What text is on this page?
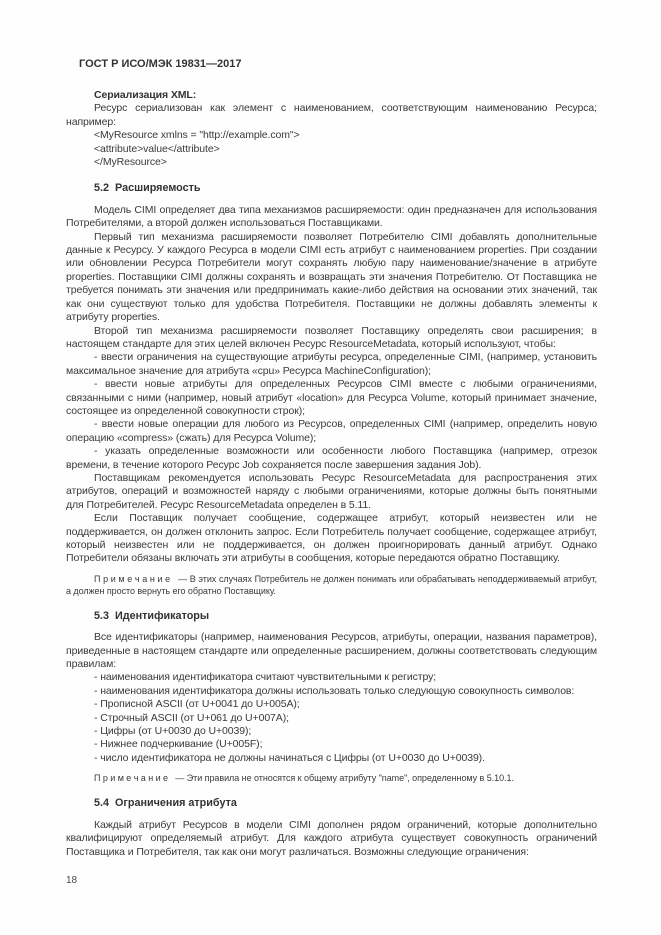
ГОСТ Р ИСО/МЭК 19831—2017

Сериализация XML:

Ресурс сериализован как элемент с наименованием, соответствующим наименованию Ресурса; например:

<MyResource xmlns = "http://example.com">

<attribute>value</attribute>

</MyResource>

5.2  Расширяемость

Модель CIMI определяет два типа механизмов расширяемости: один предназначен для использования Потребителями, а второй должен использоваться Поставщиками.

Первый тип механизма расширяемости позволяет Потребителю CIMI добавлять дополнительные данные к Ресурсу. У каждого Ресурса в модели CIMI есть атрибут с наименованием properties. При создании или обновлении Ресурса Потребители могут сохранять любую пару наименование/значение в атрибуте properties. Поставщики CIMI должны сохранять и возвращать эти значения Потребителю. От Поставщика не требуется понимать эти значения или предпринимать какие-либо действия на основании этих значений, так как они существуют только для удобства Потребителя. Поставщики не должны добавлять элементы к атрибуту properties.

Второй тип механизма расширяемости позволяет Поставщику определять свои расширения; в настоящем стандарте для этих целей включен Ресурс ResourceMetadata, который используют, чтобы:

- ввести ограничения на существующие атрибуты ресурса, определенные CIMI, (например, установить максимальное значение для атрибута «cpu» Ресурса MachineConfiguration);

- ввести новые атрибуты для определенных Ресурсов CIMI вместе с любыми ограничениями, связанными с ними (например, новый атрибут «location» для Ресурса Volume, который принимает значение, состоящее из определенной совокупности строк);

- ввести новые операции для любого из Ресурсов, определенных CIMI (например, определить новую операцию «compress» (сжать) для Ресурса Volume);

- указать определенные возможности или особенности любого Поставщика (например, отрезок времени, в течение которого Ресурс Job сохраняется после завершения задания Job).

Поставщикам рекомендуется использовать Ресурс ResourceMetadata для распространения этих атрибутов, операций и возможностей наряду с любыми ограничениями, которые должны быть понятными для Потребителей. Ресурс ResourceMetadata определен в 5.11.

Если Поставщик получает сообщение, содержащее атрибут, который неизвестен или не поддерживается, он должен отклонить запрос. Если Потребитель получает сообщение, содержащее атрибут, который неизвестен или не поддерживается, он должен проигнорировать данный атрибут. Однако Потребители обязаны включать эти атрибуты в сообщения, которые передаются обратно Поставщику.

П р и м е ч а н и е   — В этих случаях Потребитель не должен понимать или обрабатывать неподдерживаемый атрибут, а должен просто вернуть его обратно Поставщику.

5.3  Идентификаторы

Все идентификаторы (например, наименования Ресурсов, атрибуты, операции, названия параметров), приведенные в настоящем стандарте или определенные расширением, должны соответствовать следующим правилам:

- наименования идентификатора считают чувствительными к регистру;

- наименования идентификатора должны использовать только следующую совокупность символов:

- Прописной ASCII (от U+0041 до U+005A);

- Строчный ASCII (от U+061 до U+007A);

- Цифры (от U+0030 до U+0039);

- Нижнее подчеркивание (U+005F);

- число идентификатора не должны начинаться с Цифры (от U+0030 до U+0039).

П р и м е ч а н и е   — Эти правила не относятся к общему атрибуту "name", определенному в 5.10.1.

5.4  Ограничения атрибута

Каждый атрибут Ресурсов в модели CIMI дополнен рядом ограничений, которые дополнительно квалифицируют определяемый атрибут. Для каждого атрибута существует совокупность ограничений Поставщика и Потребителя, так как они могут различаться. Возможны следующие ограничения:

18
